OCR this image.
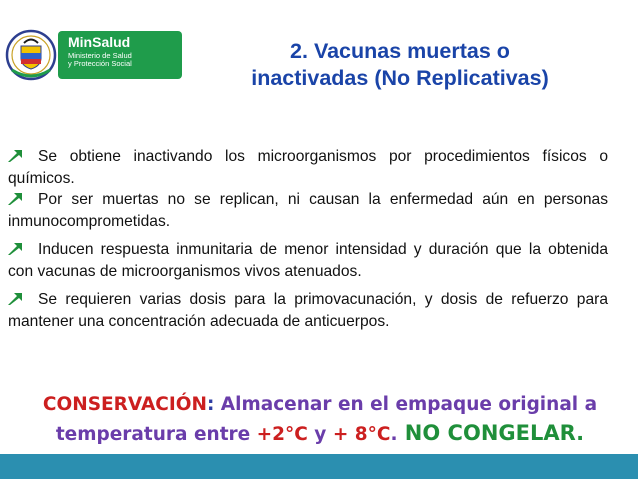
MinSalud
Ministerio de Salud
y Protección Social
2. Vacunas muertas o
inactivadas (No Replicativas)

Se obtiene inactivando los microorganismos por procedimientos físicos o químicos.

Por ser muertas no se replican, ni causan la enfermedad aún en personas inmunocomprometidas.

Inducen respuesta inmunitaria de menor intensidad y duración que la obtenida con vacunas de microorganismos vivos atenuados.

Se requieren varias dosis para la primovacunación, y dosis de refuerzo para mantener una concentración adecuada de anticuerpos.

CONSERVACIÓN: Almacenar en el empaque original a temperatura entre +2°C y + 8°C. NO CONGELAR.
